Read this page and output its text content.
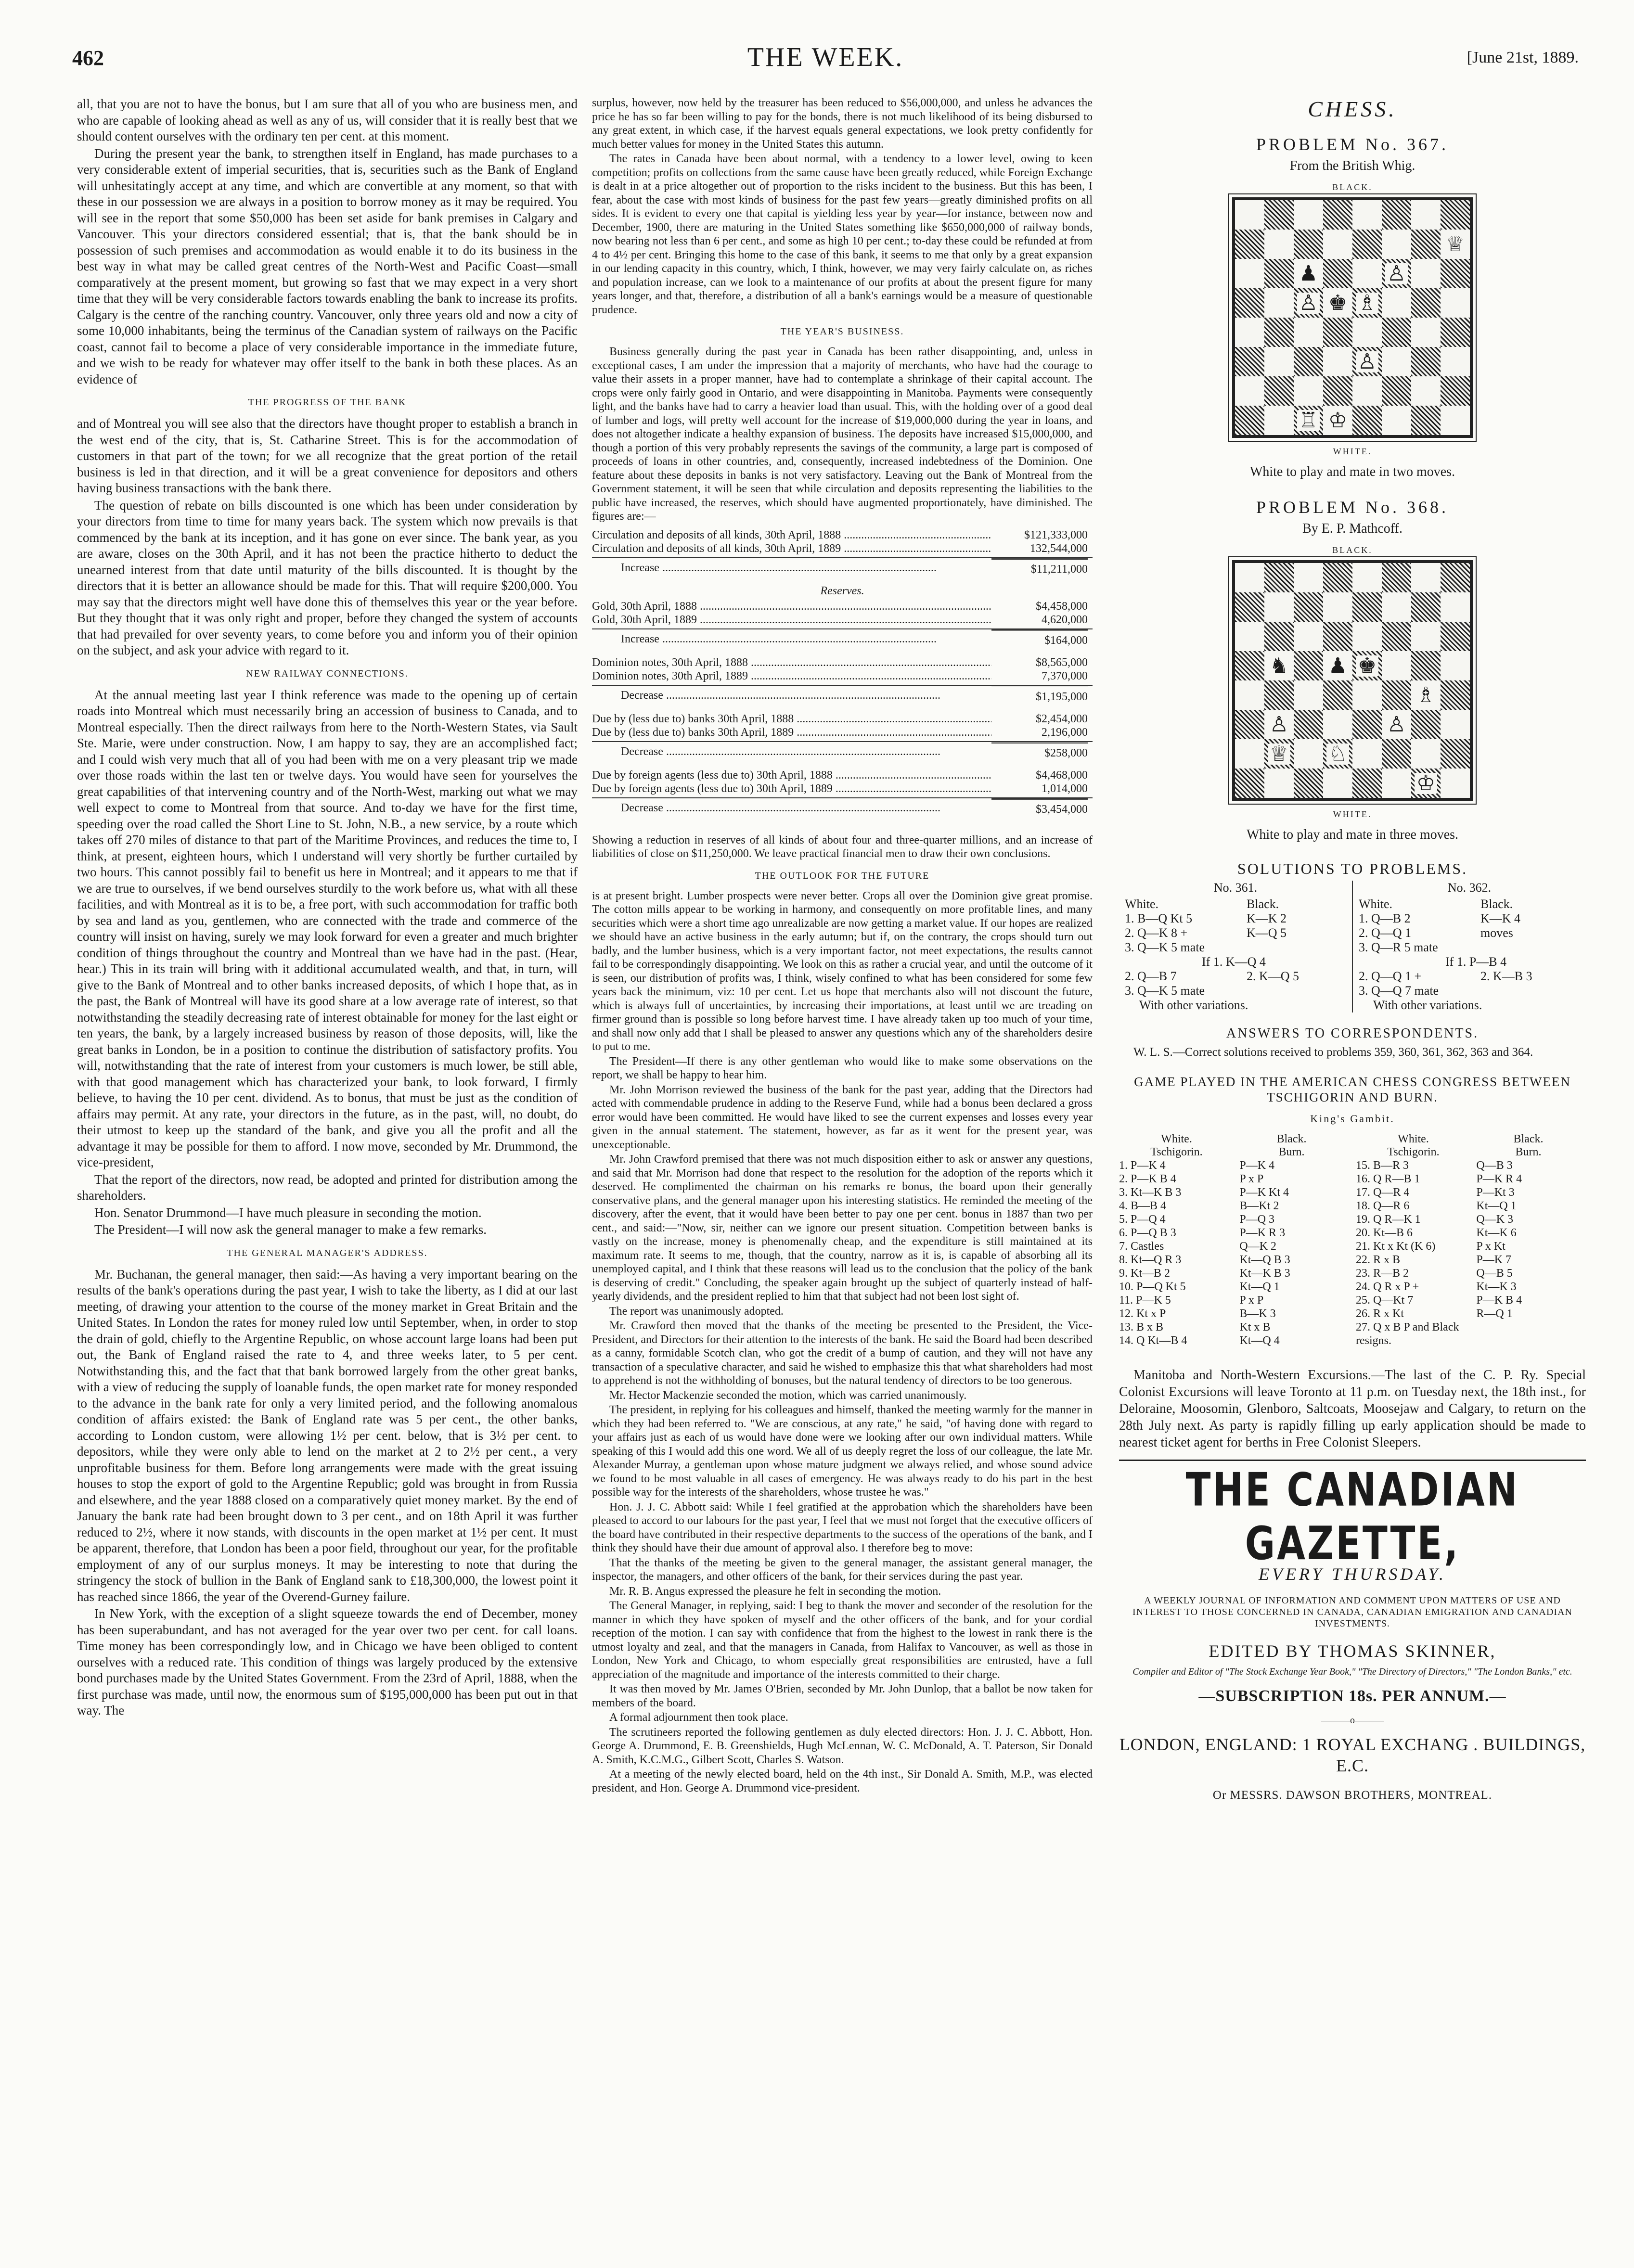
462	THE WEEK.	[June 21st, 1889.

all, that you are not to have the bonus, but I am sure that all of you who are business men, and who are capable of looking ahead as well as any of us, will consider that it is really best that we should content ourselves with the ordinary ten per cent. at this moment.

During the present year the bank, to strengthen itself in England, has made purchases to a very considerable extent of imperial securities, that is, securities such as the Bank of England will unhesitatingly accept at any time, and which are convertible at any moment, so that with these in our possession we are always in a position to borrow money as it may be required. You will see in the report that some $50,000 has been set aside for bank premises in Calgary and Vancouver. This your directors considered essential; that is, that the bank should be in possession of such premises and accommodation as would enable it to do its business in the best way in what may be called great centres of the North-West and Pacific Coast—small comparatively at the present moment, but growing so fast that we may expect in a very short time that they will be very considerable factors towards enabling the bank to increase its profits. Calgary is the centre of the ranching country. Vancouver, only three years old and now a city of some 10,000 inhabitants, being the terminus of the Canadian system of railways on the Pacific coast, cannot fail to become a place of very considerable importance in the immediate future, and we wish to be ready for whatever may offer itself to the bank in both these places. As an evidence of

THE PROGRESS OF THE BANK

and of Montreal you will see also that the directors have thought proper to establish a branch in the west end of the city, that is, St. Catharine Street. This is for the accommodation of customers in that part of the town; for we all recognize that the great portion of the retail business is led in that direction, and it will be a great convenience for depositors and others having business transactions with the bank there.

The question of rebate on bills discounted is one which has been under consideration by your directors from time to time for many years back. The system which now prevails is that commenced by the bank at its inception, and it has gone on ever since. The bank year, as you are aware, closes on the 30th April, and it has not been the practice hitherto to deduct the unearned interest from that date until maturity of the bills discounted. It is thought by the directors that it is better an allowance should be made for this. That will require $200,000. You may say that the directors might well have done this of themselves this year or the year before. But they thought that it was only right and proper, before they changed the system of accounts that had prevailed for over seventy years, to come before you and inform you of their opinion on the subject, and ask your advice with regard to it.

NEW RAILWAY CONNECTIONS.

At the annual meeting last year I think reference was made to the opening up of certain roads into Montreal which must necessarily bring an accession of business to Canada, and to Montreal especially. Then the direct railways from here to the North-Western States, via Sault Ste. Marie, were under construction. Now, I am happy to say, they are an accomplished fact; and I could wish very much that all of you had been with me on a very pleasant trip we made over those roads within the last ten or twelve days. You would have seen for yourselves the great capabilities of that intervening country and of the North-West, marking out what we may well expect to come to Montreal from that source. And to-day we have for the first time, speeding over the road called the Short Line to St. John, N.B., a new service, by a route which takes off 270 miles of distance to that part of the Maritime Provinces, and reduces the time to, I think, at present, eighteen hours, which I understand will very shortly be further curtailed by two hours. This cannot possibly fail to benefit us here in Montreal; and it appears to me that if we are true to ourselves, if we bend ourselves sturdily to the work before us, what with all these facilities, and with Montreal as it is to be, a free port, with such accommodation for traffic both by sea and land as you, gentlemen, who are connected with the trade and commerce of the country will insist on having, surely we may look forward for even a greater and much brighter condition of things throughout the country and Montreal than we have had in the past. (Hear, hear.) This in its train will bring with it additional accumulated wealth, and that, in turn, will give to the Bank of Montreal and to other banks increased deposits, of which I hope that, as in the past, the Bank of Montreal will have its good share at a low average rate of interest, so that notwithstanding the steadily decreasing rate of interest obtainable for money for the last eight or ten years, the bank, by a largely increased business by reason of those deposits, will, like the great banks in London, be in a position to continue the distribution of satisfactory profits. You will, notwithstanding that the rate of interest from your customers is much lower, be still able, with that good management which has characterized your bank, to look forward, I firmly believe, to having the 10 per cent. dividend. As to bonus, that must be just as the condition of affairs may permit. At any rate, your directors in the future, as in the past, will, no doubt, do their utmost to keep up the standard of the bank, and give you all the profit and all the advantage it may be possible for them to afford. I now move, seconded by Mr. Drummond, the vice-president,

That the report of the directors, now read, be adopted and printed for distribution among the shareholders.

Hon. Senator Drummond—I have much pleasure in seconding the motion.

The President—I will now ask the general manager to make a few remarks.

THE GENERAL MANAGER'S ADDRESS.

Mr. Buchanan, the general manager, then said:—As having a very important bearing on the results of the bank's operations during the past year, I wish to take the liberty, as I did at our last meeting, of drawing your attention to the course of the money market in Great Britain and the United States. In London the rates for money ruled low until September, when, in order to stop the drain of gold, chiefly to the Argentine Republic, on whose account large loans had been put out, the Bank of England raised the rate to 4, and three weeks later, to 5 per cent. Notwithstanding this, and the fact that that bank borrowed largely from the other great banks, with a view of reducing the supply of loanable funds, the open market rate for money responded to the advance in the bank rate for only a very limited period, and the following anomalous condition of affairs existed: the Bank of England rate was 5 per cent., the other banks, according to London custom, were allowing 1½ per cent. below, that is 3½ per cent. to depositors, while they were only able to lend on the market at 2 to 2½ per cent., a very unprofitable business for them. Before long arrangements were made with the great issuing houses to stop the export of gold to the Argentine Republic; gold was brought in from Russia and elsewhere, and the year 1888 closed on a comparatively quiet money market. By the end of January the bank rate had been brought down to 3 per cent., and on 18th April it was further reduced to 2½, where it now stands, with discounts in the open market at 1½ per cent. It must be apparent, therefore, that London has been a poor field, throughout our year, for the profitable employment of any of our surplus moneys. It may be interesting to note that during the stringency the stock of bullion in the Bank of England sank to £18,300,000, the lowest point it has reached since 1866, the year of the Overend-Gurney failure.

In New York, with the exception of a slight squeeze towards the end of December, money has been superabundant, and has not averaged for the year over two per cent. for call loans. Time money has been correspondingly low, and in Chicago we have been obliged to content ourselves with a reduced rate. This condition of things was largely produced by the extensive bond purchases made by the United States Government. From the 23rd of April, 1888, when the first purchase was made, until now, the enormous sum of $195,000,000 has been put out in that way. The

surplus, however, now held by the treasurer has been reduced to $56,000,000, and unless he advances the price he has so far been willing to pay for the bonds, there is not much likelihood of its being disbursed to any great extent, in which case, if the harvest equals general expectations, we look pretty confidently for much better values for money in the United States this autumn.

The rates in Canada have been about normal, with a tendency to a lower level, owing to keen competition; profits on collections from the same cause have been greatly reduced, while Foreign Exchange is dealt in at a price altogether out of proportion to the risks incident to the business. But this has been, I fear, about the case with most kinds of business for the past few years—greatly diminished profits on all sides. It is evident to every one that capital is yielding less year by year—for instance, between now and December, 1900, there are maturing in the United States something like $650,000,000 of railway bonds, now bearing not less than 6 per cent., and some as high 10 per cent.; to-day these could be refunded at from 4 to 4½ per cent. Bringing this home to the case of this bank, it seems to me that only by a great expansion in our lending capacity in this country, which, I think, however, we may very fairly calculate on, as riches and population increase, can we look to a maintenance of our profits at about the present figure for many years longer, and that, therefore, a distribution of all a bank's earnings would be a measure of questionable prudence.

THE YEAR'S BUSINESS.

Business generally during the past year in Canada has been rather disappointing, and, unless in exceptional cases, I am under the impression that a majority of merchants, who have had the courage to value their assets in a proper manner, have had to contemplate a shrinkage of their capital account. The crops were only fairly good in Ontario, and were disappointing in Manitoba. Payments were consequently light, and the banks have had to carry a heavier load than usual. This, with the holding over of a good deal of lumber and logs, will pretty well account for the increase of $19,000,000 during the year in loans, and does not altogether indicate a healthy expansion of business. The deposits have increased $15,000,000, and though a portion of this very probably represents the savings of the community, a large part is composed of proceeds of loans in other countries, and, consequently, increased indebtedness of the Dominion. One feature about these deposits in banks is not very satisfactory. Leaving out the Bank of Montreal from the Government statement, it will be seen that while circulation and deposits representing the liabilities to the public have increased, the reserves, which should have augmented proportionately, have diminished. The figures are:—

Circulation and deposits of all kinds, 30th April, 1888 .....	$121,333,000
Circulation and deposits of all kinds, 30th April, 1889 .....	132,544,000
Increase .....	$11,211,000
Reserves.
Gold, 30th April, 1888 .....	$4,458,000
Gold, 30th April, 1889 .....	4,620,000
Increase .....	$164,000
Dominion notes, 30th April, 1888 .....	$8,565,000
Dominion notes, 30th April, 1889 .....	7,370,000
Decrease .....	$1,195,000
Due by (less due to) banks 30th April, 1888 .....	$2,454,000
Due by (less due to) banks 30th April, 1889 .....	2,196,000
Decrease .....	$258,000
Due by foreign agents (less due to) 30th April, 1888 .....	$4,468,000
Due by foreign agents (less due to) 30th April, 1889 .....	1,014,000
Decrease .....	$3,454,000

Showing a reduction in reserves of all kinds of about four and three-quarter millions, and an increase of liabilities of close on $11,250,000. We leave practical financial men to draw their own conclusions.

THE OUTLOOK FOR THE FUTURE

is at present bright. Lumber prospects were never better. Crops all over the Dominion give great promise. The cotton mills appear to be working in harmony, and consequently on more profitable lines, and many securities which were a short time ago unrealizable are now getting a market value. If our hopes are realized we should have an active business in the early autumn; but if, on the contrary, the crops should turn out badly, and the lumber business, which is a very important factor, not meet expectations, the results cannot fail to be correspondingly disappointing. We look on this as rather a crucial year, and until the outcome of it is seen, our distribution of profits was, I think, wisely confined to what has been considered for some few years back the minimum, viz: 10 per cent. Let us hope that merchants also will not discount the future, which is always full of uncertainties, by increasing their importations, at least until we are treading on firmer ground than is possible so long before harvest time. I have already taken up too much of your time, and shall now only add that I shall be pleased to answer any questions which any of the shareholders desire to put to me.

The President—If there is any other gentleman who would like to make some observations on the report, we shall be happy to hear him.

Mr. John Morrison reviewed the business of the bank for the past year, adding that the Directors had acted with commendable prudence in adding to the Reserve Fund, while had a bonus been declared a gross error would have been committed. He would have liked to see the current expenses and losses every year given in the annual statement. The statement, however, as far as it went for the present year, was unexceptionable.

Mr. John Crawford premised that there was not much disposition either to ask or answer any questions, and said that Mr. Morrison had done that respect to the resolution for the adoption of the reports which it deserved. He complimented the chairman on his remarks re bonus, the board upon their generally conservative plans, and the general manager upon his interesting statistics. He reminded the meeting of the discovery, after the event, that it would have been better to pay one per cent. bonus in 1887 than two per cent., and said:—"Now, sir, neither can we ignore our present situation. Competition between banks is vastly on the increase, money is phenomenally cheap, and the expenditure is still maintained at its maximum rate. It seems to me, though, that the country, narrow as it is, is capable of absorbing all its unemployed capital, and I think that these reasons will lead us to the conclusion that the policy of the bank is deserving of credit." Concluding, the speaker again brought up the subject of quarterly instead of half-yearly dividends, and the president replied to him that that subject had not been lost sight of.

The report was unanimously adopted.

Mr. Crawford then moved that the thanks of the meeting be presented to the President, the Vice-President, and Directors for their attention to the interests of the bank. He said the Board had been described as a canny, formidable Scotch clan, who got the credit of a bump of caution, and they will not have any transaction of a speculative character, and said he wished to emphasize this that what shareholders had most to apprehend is not the withholding of bonuses, but the natural tendency of directors to be too generous.

Mr. Hector Mackenzie seconded the motion, which was carried unanimously.

The president, in replying for his colleagues and himself, thanked the meeting warmly for the manner in which they had been referred to. "We are conscious, at any rate," he said, "of having done with regard to your affairs just as each of us would have done were we looking after our own individual matters. While speaking of this I would add this one word. We all of us deeply regret the loss of our colleague, the late Mr. Alexander Murray, a gentleman upon whose mature judgment we always relied, and whose sound advice we found to be most valuable in all cases of emergency. He was always ready to do his part in the best possible way for the interests of the shareholders, whose trustee he was."

Hon. J. J. C. Abbott said: While I feel gratified at the approbation which the shareholders have been pleased to accord to our labours for the past year, I feel that we must not forget that the executive officers of the board have contributed in their respective departments to the success of the operations of the bank, and I think they should have their due amount of approval also. I therefore beg to move:

That the thanks of the meeting be given to the general manager, the assistant general manager, the inspector, the managers, and other officers of the bank, for their services during the past year.

Mr. R. B. Angus expressed the pleasure he felt in seconding the motion.

The General Manager, in replying, said: I beg to thank the mover and seconder of the resolution for the manner in which they have spoken of myself and the other officers of the bank, and for your cordial reception of the motion. I can say with confidence that from the highest to the lowest in rank there is the utmost loyalty and zeal, and that the managers in Canada, from Halifax to Vancouver, as well as those in London, New York and Chicago, to whom especially great responsibilities are entrusted, have a full appreciation of the magnitude and importance of the interests committed to their charge.

It was then moved by Mr. James O'Brien, seconded by Mr. John Dunlop, that a ballot be now taken for members of the board.

A formal adjournment then took place.

The scrutineers reported the following gentlemen as duly elected directors: Hon. J. J. C. Abbott, Hon. George A. Drummond, E. B. Greenshields, Hugh McLennan, W. C. McDonald, A. T. Paterson, Sir Donald A. Smith, K.C.M.G., Gilbert Scott, Charles S. Watson.

At a meeting of the newly elected board, held on the 4th inst., Sir Donald A. Smith, M.P., was elected president, and Hon. George A. Drummond vice-president.

CHESS.
PROBLEM No. 367.
From the British Whig.
BLACK.
♕
♟	♙
♙ ♚ ♗
♙
♖ ♔
WHITE.
White to play and mate in two moves.
PROBLEM No. 368.
By E. P. Mathcoff.
BLACK.
♞ ♟ ♚
♗
♙	♙
♕ ♘
♔
WHITE.
White to play and mate in three moves.
SOLUTIONS TO PROBLEMS.
No. 361.
White.	Black.
1. B—Q Kt 5	K—K 2
2. Q—K 8 +	K—Q 5
3. Q—K 5 mate
If 1. K—Q 4
2. Q—B 7	2. K—Q 5
3. Q—K 5 mate
With other variations.
No. 362.
White.	Black.
1. Q—B 2	K—K 4
2. Q—Q 1	moves
3. Q—R 5 mate
If 1. P—B 4
2. Q—Q 1 +	2. K—B 3
3. Q—Q 7 mate
With other variations.
ANSWERS TO CORRESPONDENTS.
W. L. S.—Correct solutions received to problems 359, 360, 361, 362, 363 and 364.
GAME PLAYED IN THE AMERICAN CHESS CONGRESS BETWEEN TSCHIGORIN AND BURN.
King's Gambit.
White.	Black.
Tschigorin.	Burn.
1. P—K 4	P—K 4
2. P—K B 4	P x P
3. Kt—K B 3	P—K Kt 4
4. B—B 4	B—Kt 2
5. P—Q 4	P—Q 3
6. P—Q B 3	P—K R 3
7. Castles	Q—K 2
8. Kt—Q R 3	Kt—Q B 3
9. Kt—B 2	Kt—K B 3
10. P—Q Kt 5	Kt—Q 1
11. P—K 5	P x P
12. Kt x P	B—K 3
13. B x B	Kt x B
14. Q Kt—B 4	Kt—Q 4
White.	Black.
Tschigorin.	Burn.
15. B—R 3	Q—B 3
16. Q R—B 1	P—K R 4
17. Q—R 4	P—Kt 3
18. Q—R 6	Kt—Q 1
19. Q R—K 1	Q—K 3
20. Kt—B 6	Kt—K 6
21. Kt x Kt (K 6)	P x Kt
22. R x B	P—K 7
23. R—B 2	Q—B 5
24. Q R x P +	Kt—K 3
25. Q—Kt 7	P—K B 4
26. R x Kt	R—Q 1
27. Q x B P and Black resigns.
Manitoba and North-Western Excursions.—The last of the C. P. Ry. Special Colonist Excursions will leave Toronto at 11 p.m. on Tuesday next, the 18th inst., for Deloraine, Moosomin, Glenboro, Saltcoats, Moosejaw and Calgary, to return on the 28th July next. As party is rapidly filling up early application should be made to nearest ticket agent for berths in Free Colonist Sleepers.
THE CANADIAN GAZETTE,
EVERY THURSDAY.
A WEEKLY JOURNAL OF INFORMATION AND COMMENT UPON MATTERS OF USE AND INTEREST TO THOSE CONCERNED IN CANADA, CANADIAN EMIGRATION AND CANADIAN INVESTMENTS.
EDITED BY THOMAS SKINNER,
Compiler and Editor of "The Stock Exchange Year Book," "The Directory of Directors," "The London Banks," etc.
—SUBSCRIPTION 18s. PER ANNUM.—
———o———
LONDON, ENGLAND: 1 ROYAL EXCHANG . BUILDINGS, E.C.
Or MESSRS. DAWSON BROTHERS, MONTREAL.
